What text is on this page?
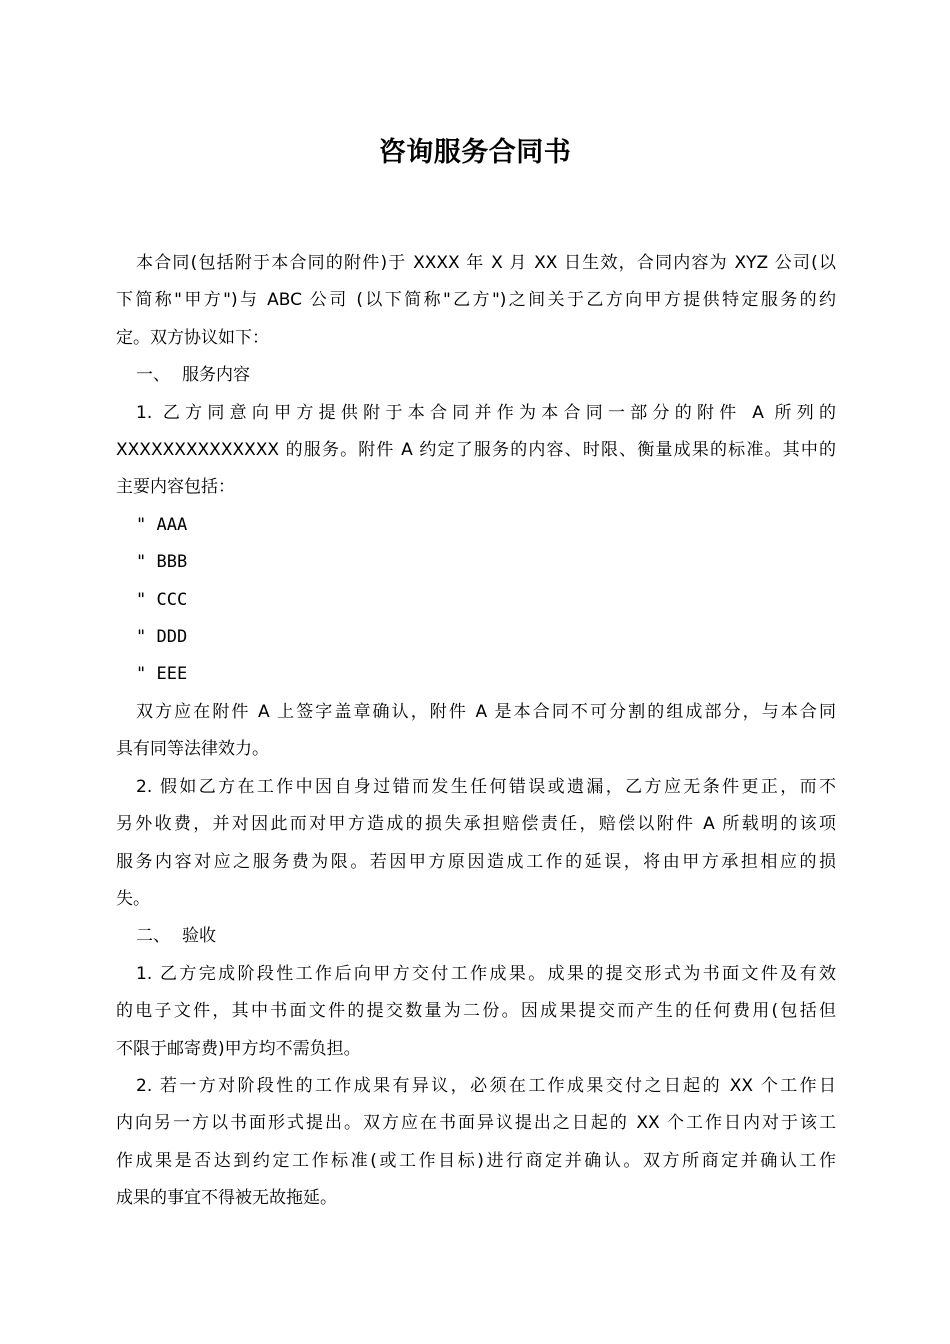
咨询服务合同书

本合同(包括附于本合同的附件)于 XXXX 年 X 月 XX 日生效，合同内容为 XYZ 公司(以

下简称"甲方")与 ABC 公司 (以下简称"乙方")之间关于乙方向甲方提供特定服务的约

定。双方协议如下：

一、 服务内容

1. 乙方同意向甲方提供附于本合同并作为本合同一部分的附件 A 所列的

XXXXXXXXXXXXXX 的服务。附件 A 约定了服务的内容、时限、衡量成果的标准。其中的

主要内容包括：

" AAA

" BBB

" CCC

" DDD

" EEE

双方应在附件 A 上签字盖章确认，附件 A 是本合同不可分割的组成部分，与本合同

具有同等法律效力。

2. 假如乙方在工作中因自身过错而发生任何错误或遗漏，乙方应无条件更正，而不

另外收费，并对因此而对甲方造成的损失承担赔偿责任，赔偿以附件 A 所载明的该项

服务内容对应之服务费为限。若因甲方原因造成工作的延误，将由甲方承担相应的损

失。

二、 验收

1. 乙方完成阶段性工作后向甲方交付工作成果。成果的提交形式为书面文件及有效

的电子文件，其中书面文件的提交数量为二份。因成果提交而产生的任何费用(包括但

不限于邮寄费)甲方均不需负担。

2. 若一方对阶段性的工作成果有异议，必须在工作成果交付之日起的 XX 个工作日

内向另一方以书面形式提出。双方应在书面异议提出之日起的 XX 个工作日内对于该工

作成果是否达到约定工作标准(或工作目标)进行商定并确认。双方所商定并确认工作

成果的事宜不得被无故拖延。
